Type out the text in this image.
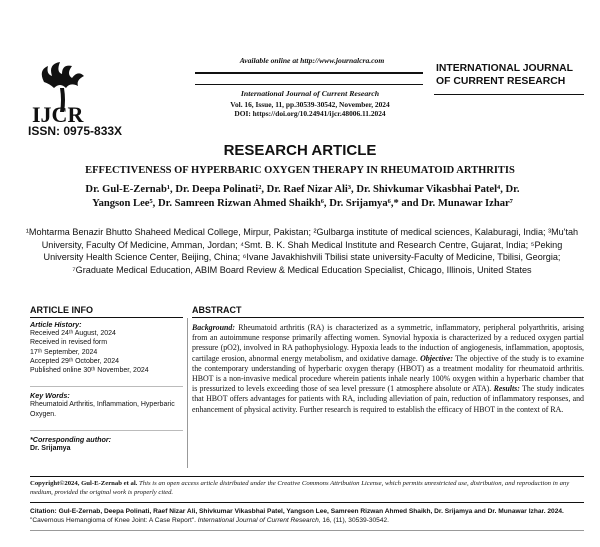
IJCR
ISSN: 0975-833X
Available online at http://www.journalcra.com
International Journal of Current Research
Vol. 16, Issue, 11, pp.30539-30542, November, 2024
DOI: https://doi.org/10.24941/ijcr.48006.11.2024
INTERNATIONAL JOURNAL
OF CURRENT RESEARCH
RESEARCH ARTICLE
EFFECTIVENESS OF HYPERBARIC OXYGEN THERAPY IN RHEUMATOID ARTHRITIS
Dr. Gul-E-Zernab¹, Dr. Deepa Polinati², Dr. Raef Nizar Ali³, Dr. Shivkumar Vikasbhai Patel⁴, Dr.
Yangson Lee⁵, Dr. Samreen Rizwan Ahmed Shaikh⁶, Dr. Srijamya⁶,* and Dr. Munawar Izhar⁷
¹Mohtarma Benazir Bhutto Shaheed Medical College, Mirpur, Pakistan; ²Gulbarga institute of medical sciences, Kalaburagi, India; ³Mu'tah University, Faculty Of Medicine, Amman, Jordan; ⁴Smt. B. K. Shah Medical Institute and Research Centre, Gujarat, India; ⁵Peking University Health Science Center, Beijing, China; ⁶Ivane Javakhishvili Tbilisi state university-Faculty of Medicine, Tbilisi, Georgia; ⁷Graduate Medical Education, ABIM Board Review & Medical Education Specialist, Chicago, Illinois, United States
ARTICLE INFO	ABSTRACT
Article History:
Received 24ᵗʰ August, 2024
Received in revised form
17ᵗʰ September, 2024
Accepted 29ᵗʰ October, 2024
Published online 30ᵗʰ November, 2024
Key Words:
Rheumatoid Arthritis, Inflammation, Hyperbaric Oxygen.
*Corresponding author:
Dr. Srijamya
Background: Rheumatoid arthritis (RA) is characterized as a symmetric, inflammatory, peripheral polyarthritis, arising from an autoimmune response primarily affecting women. Synovial hypoxia is characterized by a reduced oxygen partial pressure (pO2), involved in RA pathophysiology. Hypoxia leads to the induction of angiogenesis, inflammation, apoptosis, cartilage erosion, abnormal energy metabolism, and oxidative damage. Objective: The objective of the study is to examine the contemporary understanding of hyperbaric oxygen therapy (HBOT) as a treatment modality for rheumatoid arthritis. HBOT is a non-invasive medical procedure wherein patients inhale nearly 100% oxygen within a hyperbaric chamber that is pressurized to levels exceeding those of sea level pressure (1 atmosphere absolute or ATA). Results: The study indicates that HBOT offers advantages for patients with RA, including alleviation of pain, reduction of inflammatory responses, and enhancement of physical activity. Further research is required to establish the efficacy of HBOT in the context of RA.
Copyright©2024, Gul-E-Zernab et al. This is an open access article distributed under the Creative Commons Attribution License, which permits unrestricted use, distribution, and reproduction in any medium, provided the original work is properly cited.
Citation: Gul-E-Zernab, Deepa Polinati, Raef Nizar Ali, Shivkumar Vikasbhai Patel, Yangson Lee, Samreen Rizwan Ahmed Shaikh, Dr. Srijamya and Dr. Munawar Izhar. 2024. "Cavernous Hemangioma of Knee Joint: A Case Report". International Journal of Current Research, 16, (11), 30539-30542.
